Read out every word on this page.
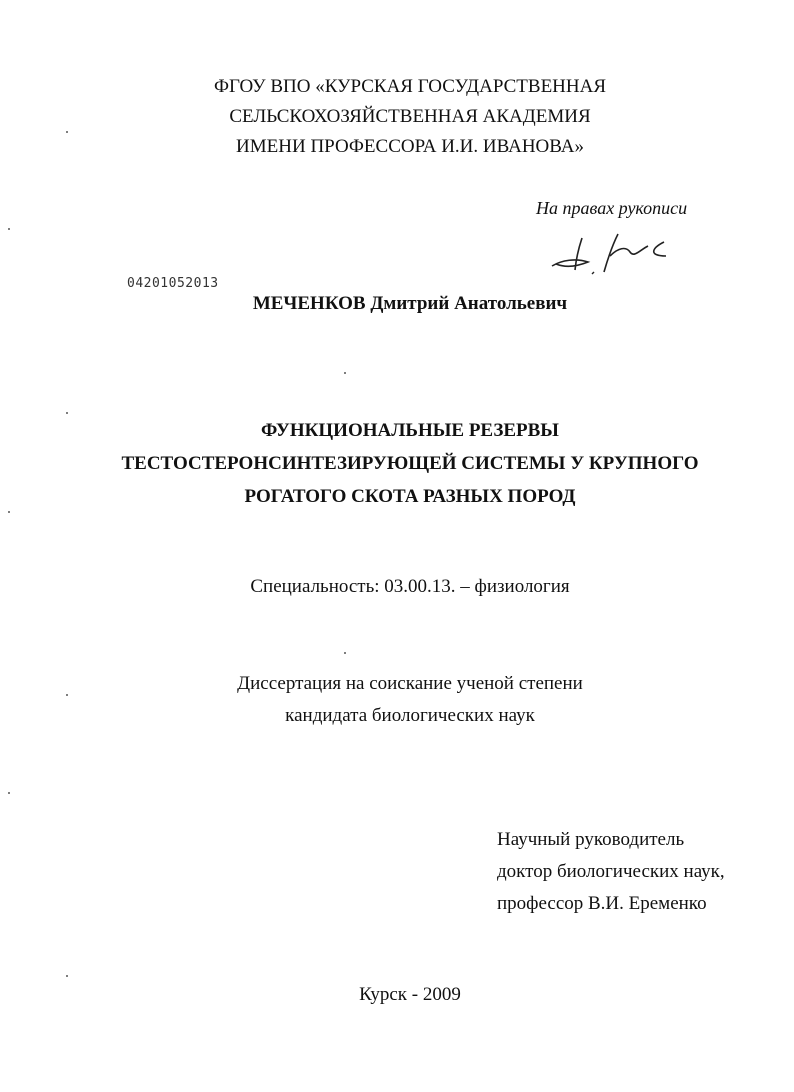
ФГОУ ВПО «КУРСКАЯ ГОСУДАРСТВЕННАЯ
СЕЛЬСКОХОЗЯЙСТВЕННАЯ АКАДЕМИЯ
ИМЕНИ ПРОФЕССОРА И.И. ИВАНОВА»
На правах рукописи
04201052013
МЕЧЕНКОВ Дмитрий Анатольевич
ФУНКЦИОНАЛЬНЫЕ РЕЗЕРВЫ
ТЕСТОСТЕРОНСИНТЕЗИРУЮЩЕЙ СИСТЕМЫ У КРУПНОГО
РОГАТОГО СКОТА РАЗНЫХ ПОРОД
Специальность: 03.00.13. – физиология
Диссертация на соискание ученой степени
кандидата биологических наук
Научный руководитель
доктор биологических наук,
профессор В.И. Еременко
Курск - 2009
